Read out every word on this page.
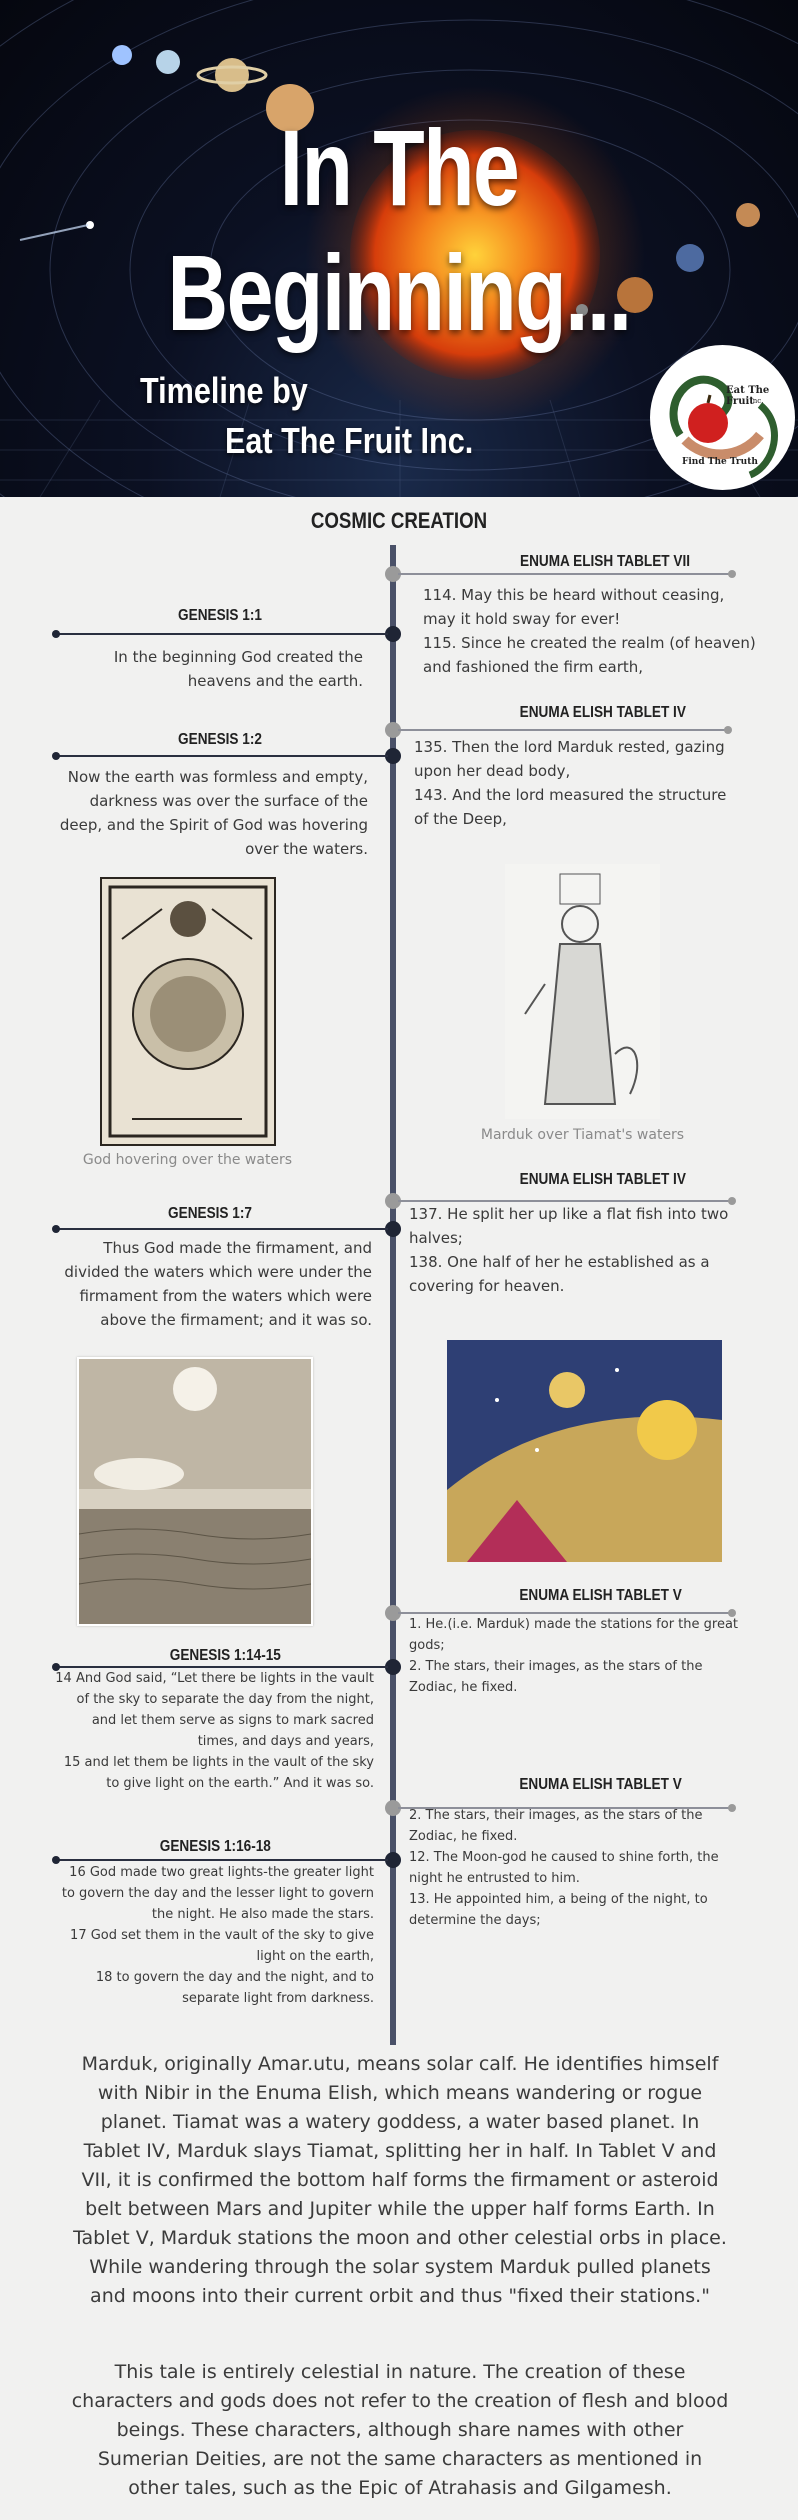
In The Beginning...
Timeline by
Eat The Fruit Inc.
Eat The Fruit
Inc.
Find The Truth
COSMIC CREATION
ENUMA ELISH TABLET VII
114. May this be heard without ceasing,
may it hold sway for ever!
115. Since he created the realm (of heaven)
and fashioned the firm earth,
GENESIS 1:1
In the beginning God created the heavens and the earth.
ENUMA ELISH TABLET IV
135. Then the lord Marduk rested, gazing
upon her dead body,
143. And the lord measured the structure
of the Deep,
GENESIS 1:2
Now the earth was formless and empty, darkness was over the surface of the deep, and the Spirit of God was hovering over the waters.
God hovering over the waters
Marduk over Tiamat's waters
ENUMA ELISH TABLET IV
137. He split her up like a flat fish into two
halves;
138. One half of her he established as a
covering for heaven.
GENESIS 1:7
Thus God made the firmament, and divided the waters which were under the firmament from the waters which were above the firmament; and it was so.
ENUMA ELISH TABLET V
1. He.(i.e. Marduk) made the stations for the great
gods;
2. The stars, their images, as the stars of the
Zodiac, he fixed.
GENESIS 1:14-15
14 And God said, “Let there be lights in the vault
of the sky to separate the day from the night,
and let them serve as signs to mark sacred
times, and days and years,
15 and let them be lights in the vault of the sky
to give light on the earth.” And it was so.	ENUMA ELISH TABLET V
2. The stars, their images, as the stars of the
Zodiac, he fixed.
12. The Moon-god he caused to shine forth, the
night he entrusted to him.
13. He appointed him, a being of the night, to
determine the days;
GENESIS 1:16-18
16 God made two great lights-the greater light
to govern the day and the lesser light to govern
the night. He also made the stars.
17 God set them in the vault of the sky to give
light on the earth,
18 to govern the day and the night, and to
separate light from darkness.
Marduk, originally Amar.utu, means solar calf. He identifies himself with Nibir in the Enuma Elish, which means wandering or rogue planet. Tiamat was a watery goddess, a water based planet. In Tablet IV, Marduk slays Tiamat, splitting her in half. In Tablet V and VII, it is confirmed the bottom half forms the firmament or asteroid belt between Mars and Jupiter while the upper half forms Earth. In Tablet V, Marduk stations the moon and other celestial orbs in place. While wandering through the solar system Marduk pulled planets and moons into their current orbit and thus "fixed their stations."
This tale is entirely celestial in nature. The creation of these characters and gods does not refer to the creation of flesh and blood beings. These characters, although share names with other Sumerian Deities, are not the same characters as mentioned in other tales, such as the Epic of Atrahasis and Gilgamesh.
